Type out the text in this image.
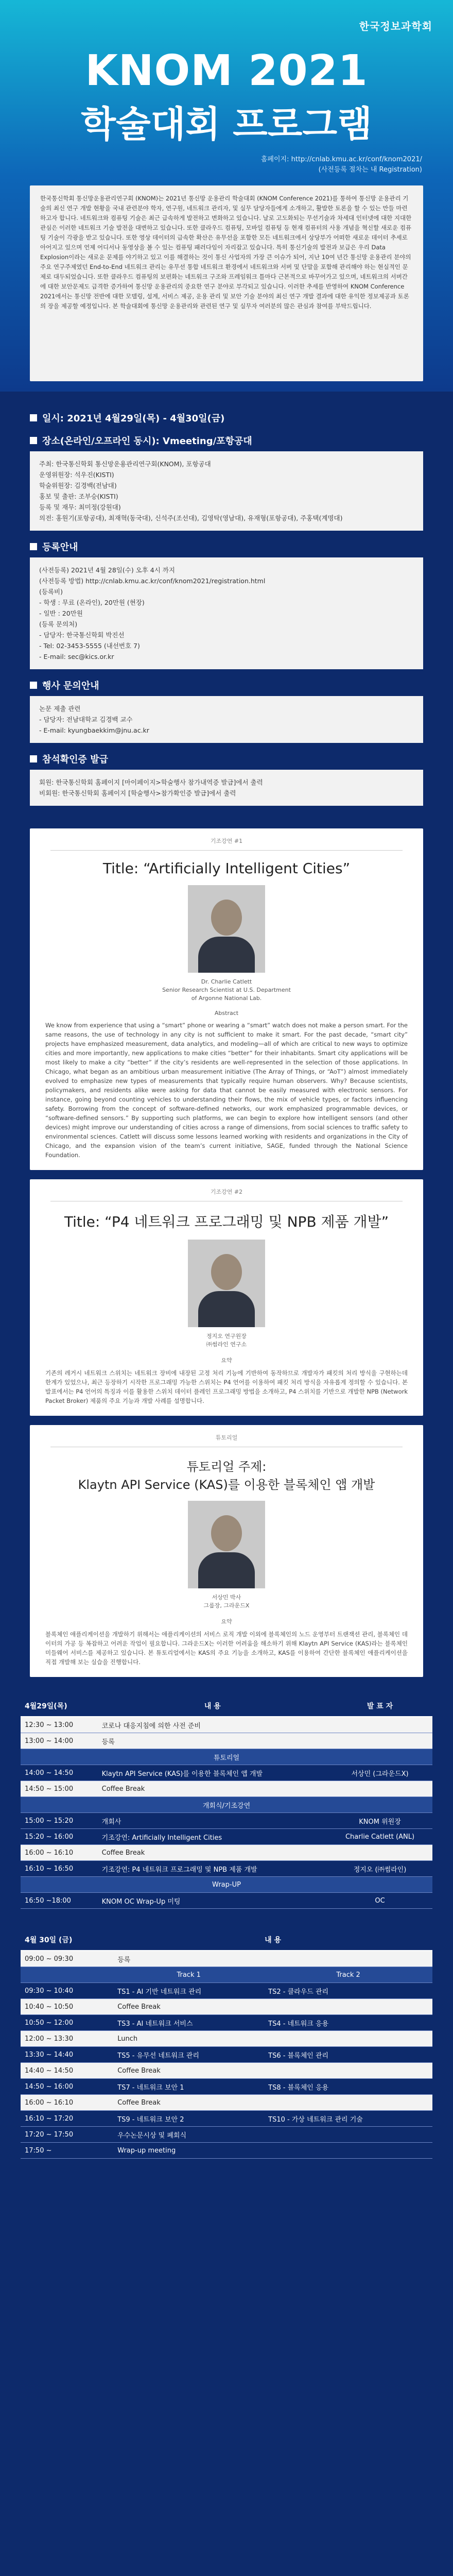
한국정보과학회
KNOM 2021
학술대회 프로그램
홈페이지: http://cnlab.kmu.ac.kr/conf/knom2021/
(사전등록 절차는 내 Registration)
한국통신학회 통신망운용관리연구회 (KNOM)는 2021년 통신망 운용관리 학술대회 (KNOM Conference 2021)를 통하여 통신망 운용관리 기술의 최신 연구 개발 현황을 국내 관련분야 학자, 연구원, 네트워크 관리자, 및 실무 담당자들에게 소개하고, 활발한 토론을 할 수 있는 만들 마련하고자 합니다. 네트워크와 컴퓨팅 기술은 최근 급속하게 발전하고 변화하고 있습니다. 날로 고도화되는 무선기술과 차세대 인터넷에 대한 지대한 관심은 이러한 네트워크 기술 발전을 대변하고 있습니다. 또한 클라우드 컴퓨팅, 모바일 컴퓨팅 등 현재 컴퓨터의 사용 개념을 혁신할 새로운 컴퓨팅 기술이 각광을 받고 있습니다. 또한 영상 데이터의 급속한 확산은 유무선을 포함한 모든 네트워크에서 상당부가 어떠한 새로운 데이터 추세로 아어지고 있으며 언제 어디서나 동영상을 볼 수 있는 컴퓨팅 패러다임이 자리잡고 있습니다. 특히 통신기술의 발전과 보급은 우리 Data Explosion이라는 새로운 문제를 야기하고 있고 이를 해결하는 것이 통신 사업자의 가장 큰 이슈가 되어, 지난 10여 년간 통신망 운용관리 분야의 주요 연구주제였던 End-to-End 네트워크 관리는 유무선 통합 네트워크 환경에서 네트워크와 서버 및 단말을 포함해 관리해야 하는 현실적인 문제로 대두되었습니다. 또한 클라우드 컴퓨팅의 보편화는 네트워크 구조와 프레임워크 틀마다 근본적으로 바꾸어가고 있으며, 네트워크의 서버간에 대한 보안문제도 급격한 증가하여 통신망 운용관리의 중요한 연구 분야로 부각되고 있습니다. 이러한 추세를 반영하여 KNOM Conference 2021에서는 통신망 전반에 대한 모델링, 설계, 서비스 제공, 운용 관리 및 보안 기술 분야의 최신 연구 개발 결과에 대한 유익한 정보제공과 토론의 장을 제공할 예정입니다. 본 학술대회에 통신망 운용관리와 관련된 연구 및 실무자 여러분의 많은 관심과 참여를 부탁드립니다.
일시: 2021년 4월29일(목) - 4월30일(금)
장소(온라인/오프라인 동시): Vmeeting/포항공대

주최: 한국통신학회 통신망운용관리연구회(KNOM), 포항공대

운영위원장: 석우진(KISTI)

학술위원장: 김경백(전남대)

홍보 및 출판: 조부승(KISTI)

등록 및 재무: 최미정(강원대)

의전: 홍원기(포항공대), 최재혁(동국대), 신석주(조선대), 김영탁(영남대), 유재형(포항공대), 주홍택(계명대)

등록안내

(사전등록) 2021년 4월 28일(수) 오후 4시 까지

(사전등록 방법) http://cnlab.kmu.ac.kr/conf/knom2021/registration.html

(등록비)

- 학생 : 무료 (온라인), 20만원 (현장)

- 일반 : 20만원

(등록 문의처)

- 담당자: 한국통신학회 박진선

- Tel: 02-3453-5555 (내선번호 7)

- E-mail: sec@kics.or.kr

행사 문의안내

논문 제출 관련

- 담당자: 전남대학교 김경백 교수

- E-mail: kyungbaekkim@jnu.ac.kr

참석확인증 발급

회원: 한국통신학회 홈페이지 [마이페이지>학술행사 참가내역증 발급]에서 출력

비회원: 한국통신학회 홈페이지 [학술행사>참가확인증 발급]에서 출력

기조강연 #1
Title: “Artificially Intelligent Cities”
Dr. Charlie Catlett
Senior Research Scientist at U.S. Department
of Argonne National Lab.
Abstract
We know from experience that using a “smart” phone or wearing a “smart” watch does not make a person smart. For the same reasons, the use of technology in any city is not sufficient to make it smart. For the past decade, “smart city” projects have emphasized measurement, data analytics, and modeling—all of which are critical to new ways to optimize cities and more importantly, new applications to make cities “better” for their inhabitants. Smart city applications will be most likely to make a city “better” if the city’s residents are well-represented in the selection of those applications. In Chicago, what began as an ambitious urban measurement initiative (The Array of Things, or “AoT”) almost immediately evolved to emphasize new types of measurements that typically require human observers. Why? Because scientists, policymakers, and residents alike were asking for data that cannot be easily measured with electronic sensors. For instance, going beyond counting vehicles to understanding their flows, the mix of vehicle types, or factors influencing safety. Borrowing from the concept of software-defined networks, our work emphasized programmable devices, or “software-defined sensors.” By supporting such platforms, we can begin to explore how intelligent sensors (and other devices) might improve our understanding of cities across a range of dimensions, from social sciences to traffic safety to environmental sciences. Catlett will discuss some lessons learned working with residents and organizations in the City of Chicago, and the expansion vision of the team’s current initiative, SAGE, funded through the National Science Foundation.
기조강연 #2
Title: “P4 네트워크 프로그래밍 및 NPB 제품 개발”
정지오 연구원장
㈜썸라인 연구소
요약
기존의 레거시 네트워크 스위치는 네트워크 장비에 내장된 고정 처리 기능에 기반하여 동작하므로 개발자가 패킷의 처리 방식을 구현하는데 한계가 있었으나, 최근 등장하기 시작한 프로그래밍 가능한 스위치는 P4 언어를 이용하여 패킷 처리 방식을 자유롭게 정의할 수 있습니다. 본 발표에서는 P4 언어의 특징과 이를 활용한 스위치 데이터 플레인 프로그래밍 방법을 소개하고, P4 스위치를 기반으로 개발한 NPB (Network Packet Broker) 제품의 주요 기능과 개발 사례를 설명합니다.
튜토리얼
튜토리얼 주제:
Klaytn API Service (KAS)를 이용한 블록체인 앱 개발
서상민 박사
그룹장, 그라운드X
요약
블록체인 애플리케이션을 개발하기 위해서는 애플리케이션의 서비스 로직 개발 이외에 블록체인의 노드 운영부터 트랜잭션 관리, 블록체인 데이터의 가공 등 복잡하고 어려운 작업이 필요합니다. 그라운드X는 이러한 어려움을 해소하기 위해 Klaytn API Service (KAS)라는 블록체인 미들웨어 서비스를 제공하고 있습니다. 본 튜토리얼에서는 KAS의 주요 기능을 소개하고, KAS를 이용하여 간단한 블록체인 애플리케이션을 직접 개발해 보는 실습을 진행합니다.
4월29일(목)	내 용	발 표 자
12:30 ~ 13:00	코로나 대응지침에 의한 사전 준비	
13:00 ~ 14:00	등록	
튜토리얼		
14:00 ~ 14:50	Klaytn API Service (KAS)를 이용한 블록체인 앱 개발	서상민 (그라운드X)
14:50 ~ 15:00	Coffee Break	
개회식/기조강연		
15:00 ~ 15:20	개회사	KNOM 위원장
15:20 ~ 16:00	기조강연: Artificially Intelligent Cities	Charlie Catlett (ANL)
16:00 ~ 16:10	Coffee Break	
16:10 ~ 16:50	기조강연: P4 네트워크 프로그래밍 및 NPB 제품 개발	정지오 (㈜썸라인)
Wrap-UP		
16:50 ~18:00	KNOM OC Wrap-Up 미팅	OC
4월 30일 (금)	내 용	
09:00 ~ 09:30	등록	
	Track 1	Track 2
09:30 ~ 10:40	TS1 - AI 기반 네트워크 관리	TS2 - 클라우드 관리
10:40 ~ 10:50	Coffee Break	
10:50 ~ 12:00	TS3 - AI 네트워크 서비스	TS4 - 네트워크 응용
12:00 ~ 13:30	Lunch	
13:30 ~ 14:40	TS5 - 유무선 네트워크 관리	TS6 - 블록체인 관리
14:40 ~ 14:50	Coffee Break	
14:50 ~ 16:00	TS7 - 네트워크 보안 1	TS8 - 블록체인 응용
16:00 ~ 16:10	Coffee Break	
16:10 ~ 17:20	TS9 - 네트워크 보안 2	TS10 - 가상 네트워크 관리 기술
17:20 ~ 17:50	우수논문시상 및 폐회식	
17:50 ~	Wrap-up meeting	
